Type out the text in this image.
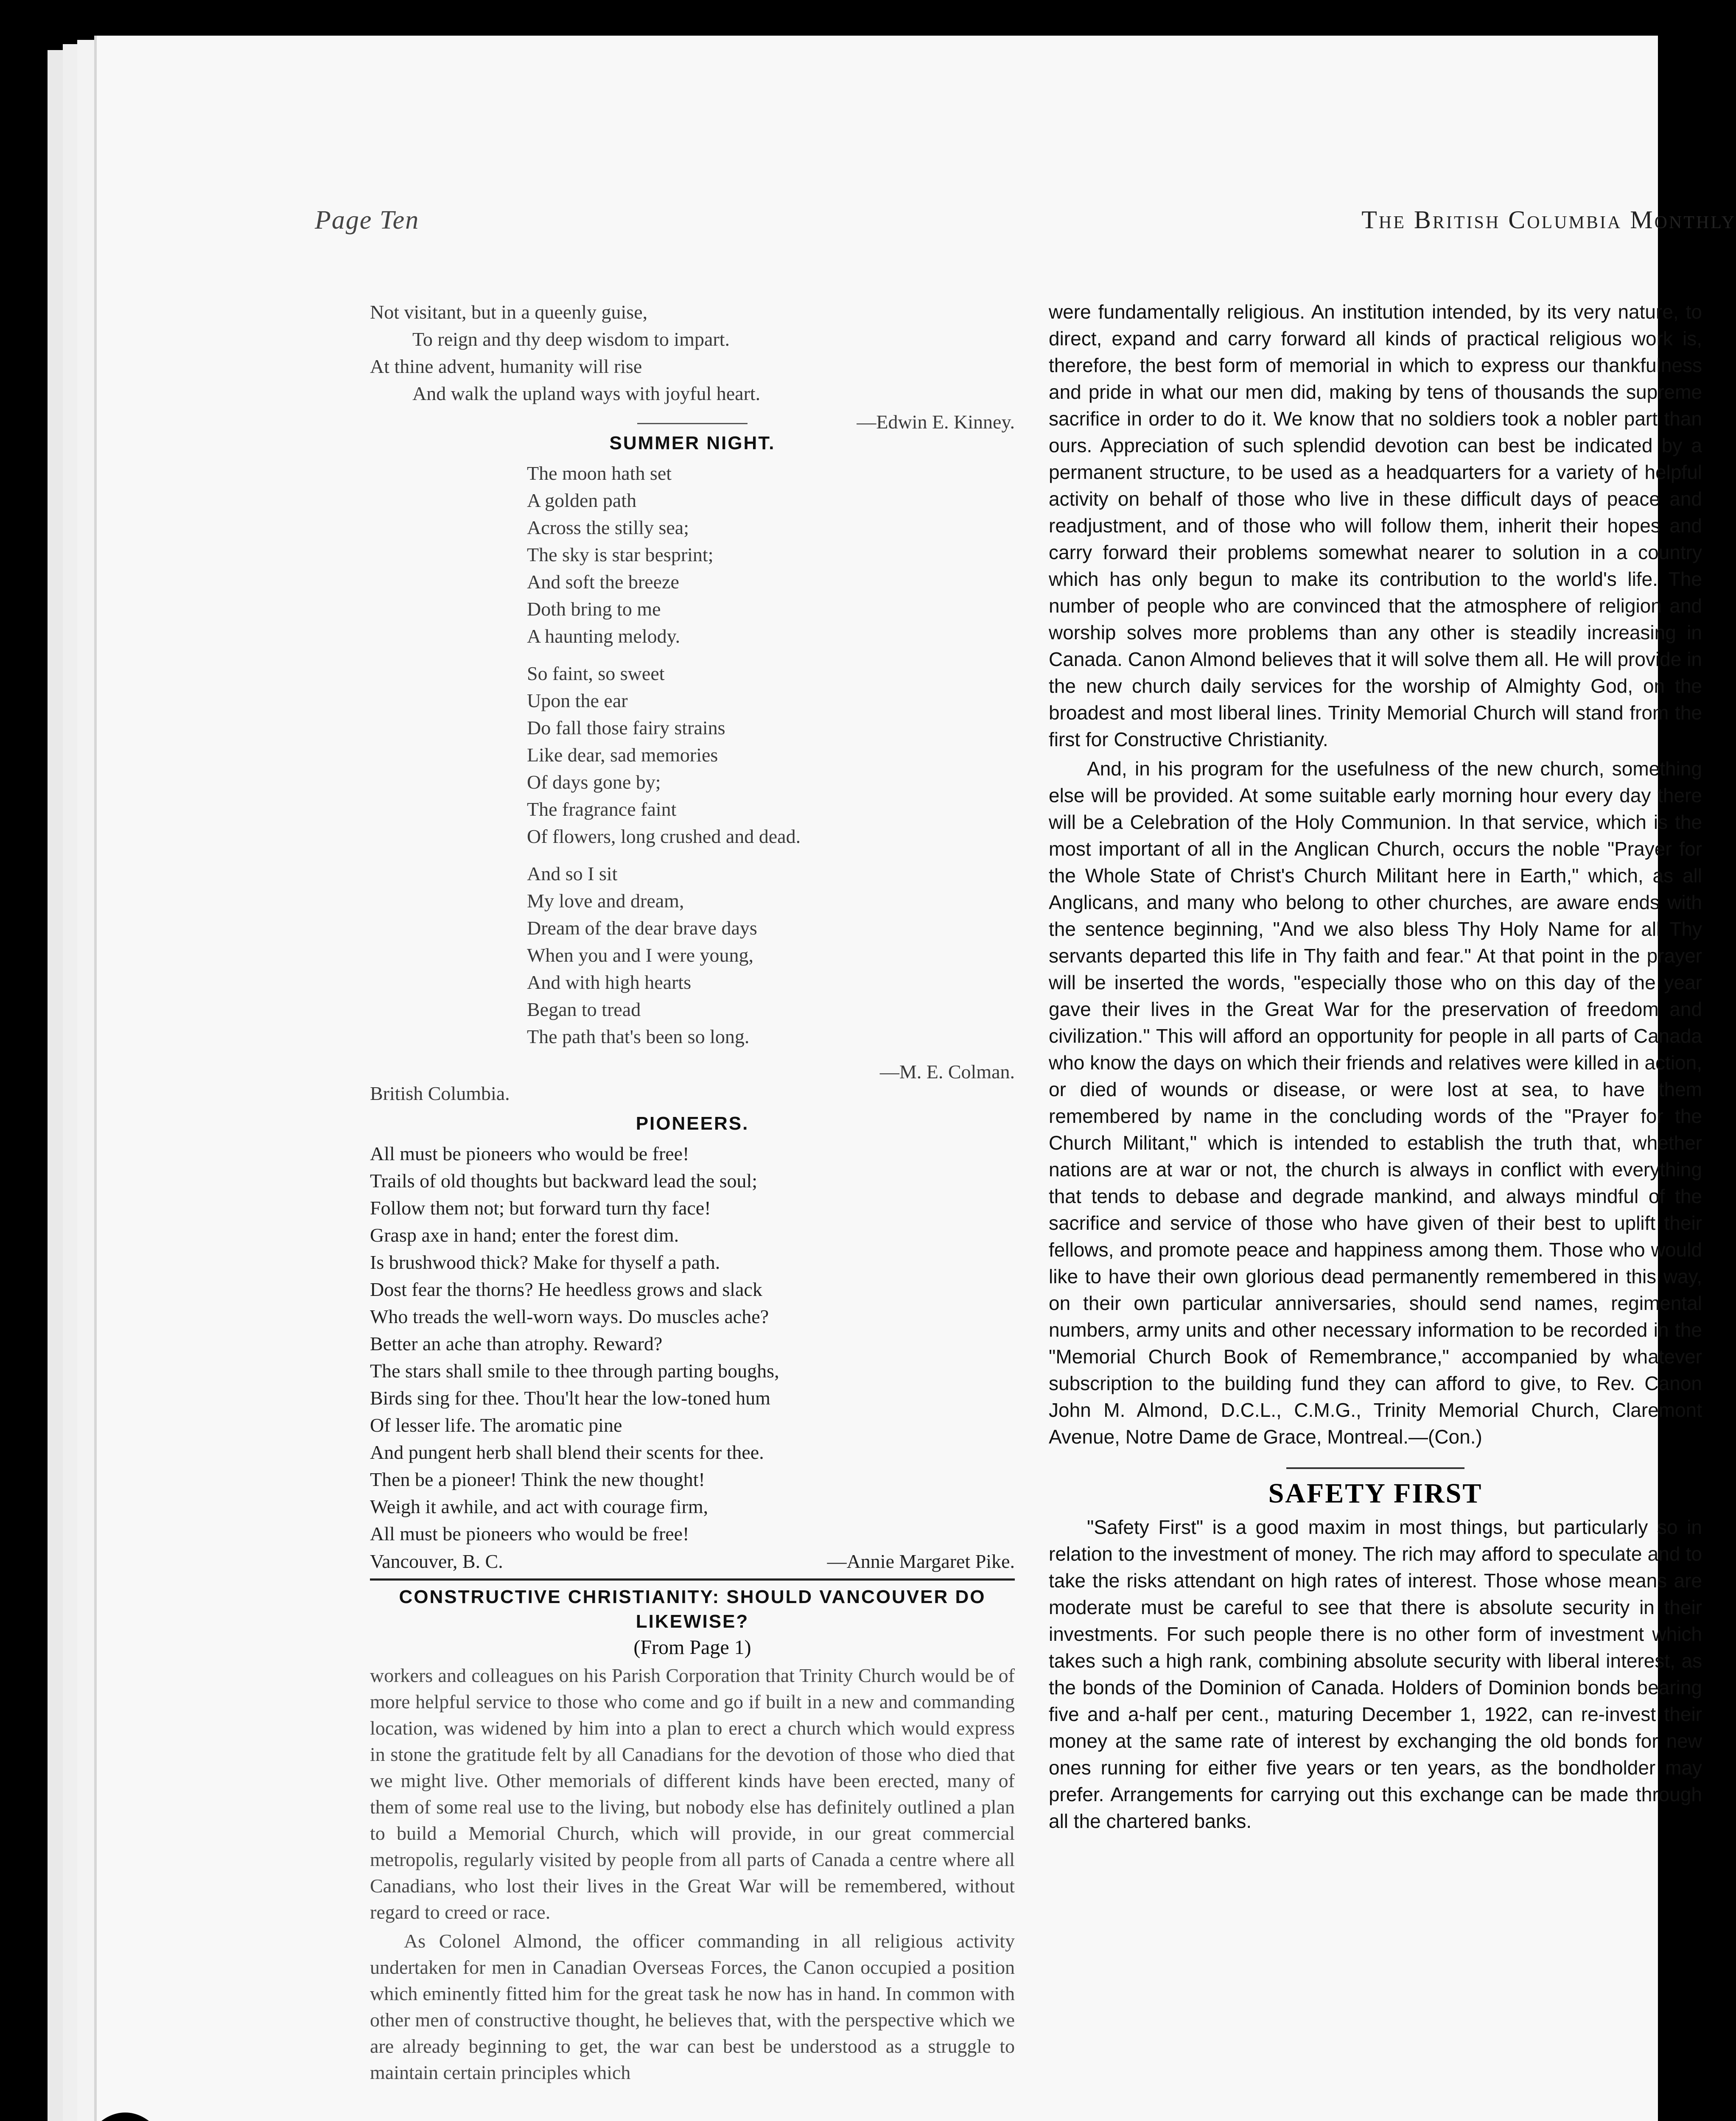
Page Ten	The British Columbia Monthly
Not visitant, but in a queenly guise,
To reign and thy deep wisdom to impart.
At thine advent, humanity will rise
And walk the upland ways with joyful heart.
—Edwin E. Kinney.
SUMMER NIGHT.
The moon hath set
A golden path
Across the stilly sea;
The sky is star besprint;
And soft the breeze
Doth bring to me
A haunting melody.
So faint, so sweet
Upon the ear
Do fall those fairy strains
Like dear, sad memories
Of days gone by;
The fragrance faint
Of flowers, long crushed and dead.
And so I sit
My love and dream,
Dream of the dear brave days
When you and I were young,
And with high hearts
Began to tread
The path that's been so long.
—M. E. Colman.
British Columbia.
PIONEERS.
All must be pioneers who would be free!
Trails of old thoughts but backward lead the soul;
Follow them not; but forward turn thy face!
Grasp axe in hand; enter the forest dim.
Is brushwood thick? Make for thyself a path.
Dost fear the thorns? He heedless grows and slack
Who treads the well-worn ways. Do muscles ache?
Better an ache than atrophy. Reward?
The stars shall smile to thee through parting boughs,
Birds sing for thee. Thou'lt hear the low-toned hum
Of lesser life. The aromatic pine
And pungent herb shall blend their scents for thee.
Then be a pioneer! Think the new thought!
Weigh it awhile, and act with courage firm,
All must be pioneers who would be free!
Vancouver, B. C.	—Annie Margaret Pike.
CONSTRUCTIVE CHRISTIANITY: SHOULD VANCOUVER DO LIKEWISE?
(From Page 1)

workers and colleagues on his Parish Corporation that Trinity Church would be of more helpful service to those who come and go if built in a new and commanding location, was widened by him into a plan to erect a church which would express in stone the gratitude felt by all Canadians for the devotion of those who died that we might live. Other memorials of different kinds have been erected, many of them of some real use to the living, but nobody else has definitely outlined a plan to build a Memorial Church, which will provide, in our great commercial metropolis, regularly visited by people from all parts of Canada a centre where all Canadians, who lost their lives in the Great War will be remembered, without regard to creed or race.

As Colonel Almond, the officer commanding in all religious activity undertaken for men in Canadian Overseas Forces, the Canon occupied a position which eminently fitted him for the great task he now has in hand. In common with other men of constructive thought, he believes that, with the perspective which we are already beginning to get, the war can best be understood as a struggle to maintain certain principles which

were fundamentally religious. An institution intended, by its very nature, to direct, expand and carry forward all kinds of practical religious work is, therefore, the best form of memorial in which to express our thankfulness and pride in what our men did, making by tens of thousands the supreme sacrifice in order to do it. We know that no soldiers took a nobler part than ours. Appreciation of such splendid devotion can best be indicated by a permanent structure, to be used as a headquarters for a variety of helpful activity on behalf of those who live in these difficult days of peace and readjustment, and of those who will follow them, inherit their hopes and carry forward their problems somewhat nearer to solution in a country which has only begun to make its contribution to the world's life. The number of people who are convinced that the atmosphere of religion and worship solves more problems than any other is steadily increasing in Canada. Canon Almond believes that it will solve them all. He will provide in the new church daily services for the worship of Almighty God, on the broadest and most liberal lines. Trinity Memorial Church will stand from the first for Constructive Christianity.

And, in his program for the usefulness of the new church, something else will be provided. At some suitable early morning hour every day there will be a Celebration of the Holy Communion. In that service, which is the most important of all in the Anglican Church, occurs the noble "Prayer for the Whole State of Christ's Church Militant here in Earth," which, as all Anglicans, and many who belong to other churches, are aware ends with the sentence beginning, "And we also bless Thy Holy Name for all Thy servants departed this life in Thy faith and fear." At that point in the prayer will be inserted the words, "especially those who on this day of the year gave their lives in the Great War for the preservation of freedom and civilization." This will afford an opportunity for people in all parts of Canada who know the days on which their friends and relatives were killed in action, or died of wounds or disease, or were lost at sea, to have them remembered by name in the concluding words of the "Prayer for the Church Militant," which is intended to establish the truth that, whether nations are at war or not, the church is always in conflict with everything that tends to debase and degrade mankind, and always mindful of the sacrifice and service of those who have given of their best to uplift their fellows, and promote peace and happiness among them. Those who would like to have their own glorious dead permanently remembered in this way, on their own particular anniversaries, should send names, regimental numbers, army units and other necessary information to be recorded in the "Memorial Church Book of Remembrance," accompanied by whatever subscription to the building fund they can afford to give, to Rev. Canon John M. Almond, D.C.L., C.M.G., Trinity Memorial Church, Claremont Avenue, Notre Dame de Grace, Montreal.—(Con.)

SAFETY FIRST

"Safety First" is a good maxim in most things, but particularly so in relation to the investment of money. The rich may afford to speculate and to take the risks attendant on high rates of interest. Those whose means are moderate must be careful to see that there is absolute security in their investments. For such people there is no other form of investment which takes such a high rank, combining absolute security with liberal interest, as the bonds of the Dominion of Canada. Holders of Dominion bonds bearing five and a-half per cent., maturing December 1, 1922, can re-invest their money at the same rate of interest by exchanging the old bonds for new ones running for either five years or ten years, as the bondholder may prefer. Arrangements for carrying out this exchange can be made through all the chartered banks.
